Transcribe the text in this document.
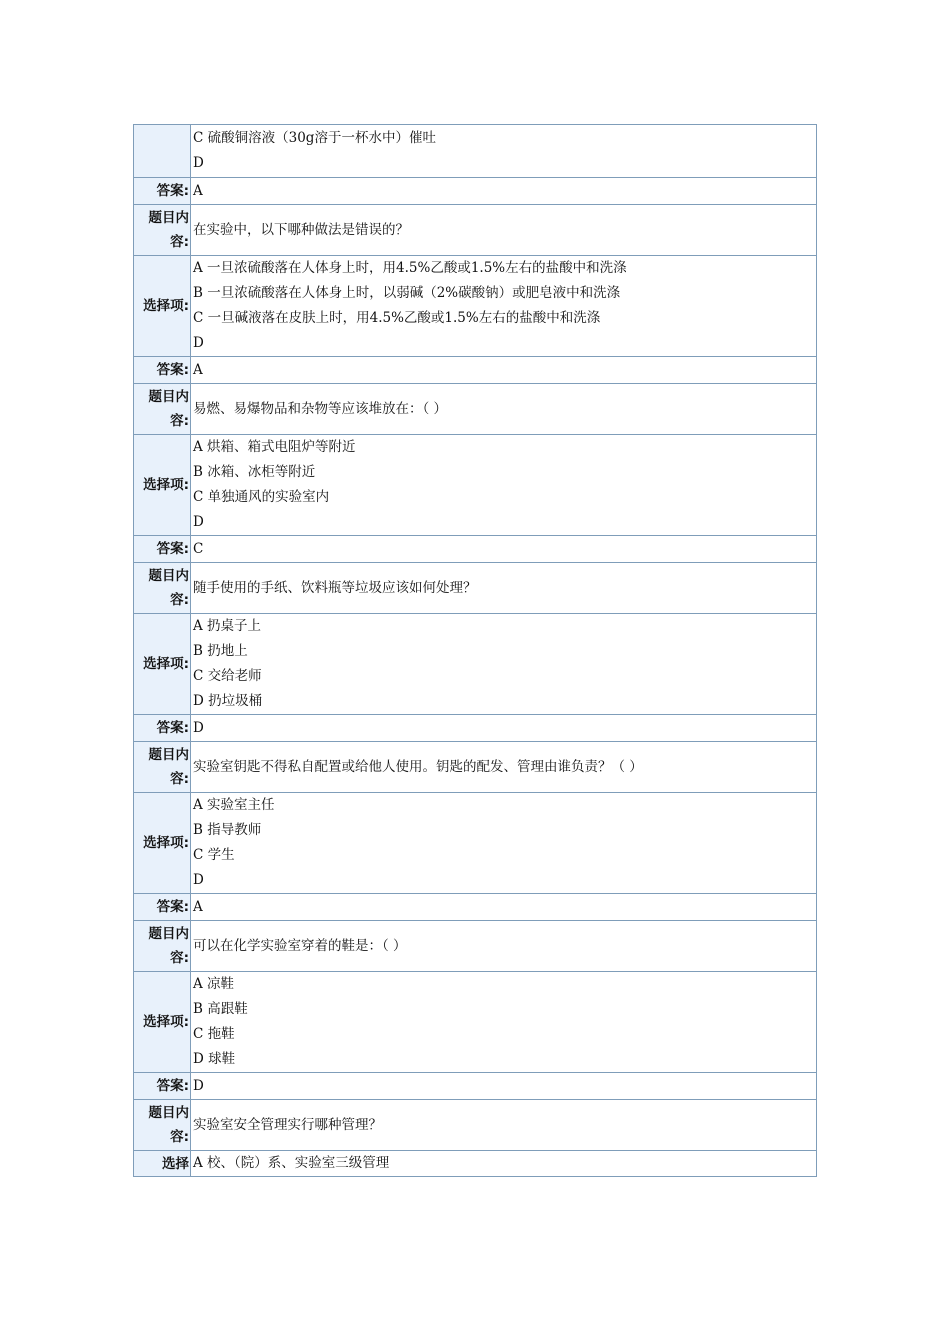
	C 硫酸铜溶液（30g溶于一杯水中）催吐
D

答案:	A
题目内容:	在实验中，以下哪种做法是错误的？
选择项:	A 一旦浓硫酸落在人体身上时，用4.5%乙酸或1.5%左右的盐酸中和洗涤
B 一旦浓硫酸落在人体身上时，以弱碱（2%碳酸钠）或肥皂液中和洗涤
C 一旦碱液落在皮肤上时，用4.5%乙酸或1.5%左右的盐酸中和洗涤
D

答案:	A
题目内容:	易燃、易爆物品和杂物等应该堆放在：（ ）
选择项:	A 烘箱、箱式电阻炉等附近
B 冰箱、冰柜等附近
C 单独通风的实验室内
D

答案:	C
题目内容:	随手使用的手纸、饮料瓶等垃圾应该如何处理？
选择项:	A 扔桌子上
B 扔地上
C 交给老师
D 扔垃圾桶

答案:	D
题目内容:	实验室钥匙不得私自配置或给他人使用。钥匙的配发、管理由谁负责？（ ）
选择项:	A 实验室主任
B 指导教师
C 学生
D

答案:	A
题目内容:	可以在化学实验室穿着的鞋是：（ ）
选择项:	A 凉鞋
B 高跟鞋
C 拖鞋
D 球鞋

答案:	D
题目内容:	实验室安全管理实行哪种管理？
选择	A 校、（院）系、实验室三级管理
